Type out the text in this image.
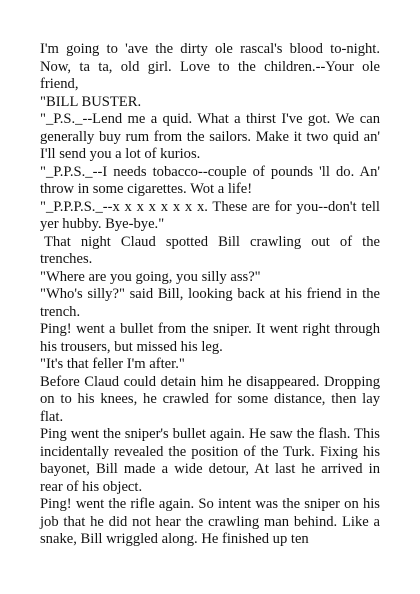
I'm going to 'ave the dirty ole rascal's blood to-night. Now, ta ta, old girl. Love to the children.--Your ole friend,

"BILL BUSTER.

"_P.S._--Lend me a quid. What a thirst I've got. We can generally buy rum from the sailors. Make it two quid an' I'll send you a lot of kurios.

"_P.P.S._--I needs tobacco--couple of pounds 'll do. An' throw in some cigarettes. Wot a life!

"_P.P.P.S._--x x x x x x x x. These are for you--don't tell yer hubby. Bye-bye."

That night Claud spotted Bill crawling out of the trenches.

"Where are you going, you silly ass?"

"Who's silly?" said Bill, looking back at his friend in the trench.

Ping! went a bullet from the sniper. It went right through his trousers, but missed his leg.

"It's that feller I'm after."

Before Claud could detain him he disappeared. Dropping on to his knees, he crawled for some distance, then lay flat.

Ping went the sniper's bullet again. He saw the flash. This incidentally revealed the position of the Turk. Fixing his bayonet, Bill made a wide detour, At last he arrived in rear of his object.

Ping! went the rifle again. So intent was the sniper on his job that he did not hear the crawling man behind. Like a snake, Bill wriggled along. He finished up ten
